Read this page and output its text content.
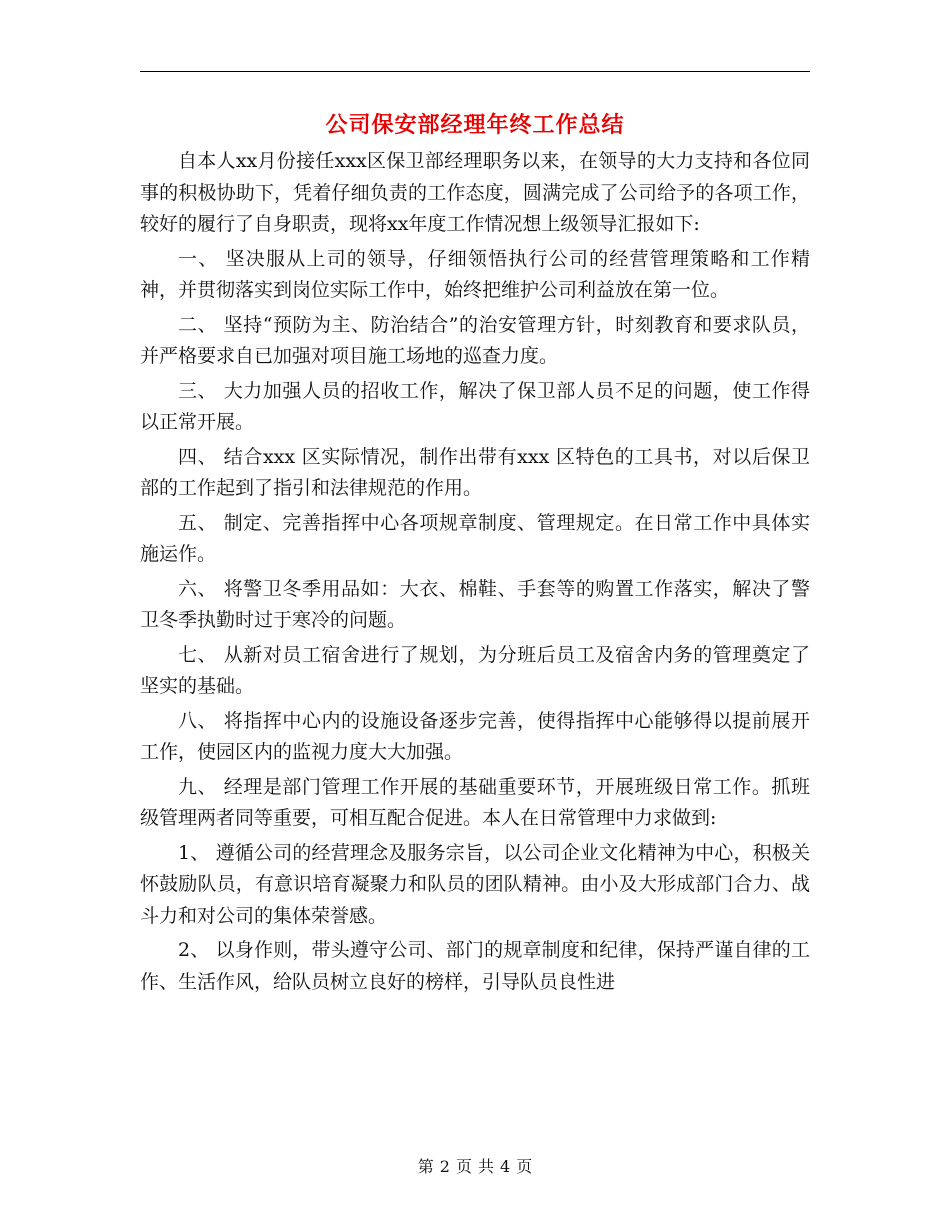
公司保安部经理年终工作总结

自本人xx月份接任xxx区保卫部经理职务以来，在领导的大力支持和各位同事的积极协助下，凭着仔细负责的工作态度，圆满完成了公司给予的各项工作，较好的履行了自身职责，现将xx年度工作情况想上级领导汇报如下:

一、 坚决服从上司的领导，仔细领悟执行公司的经营管理策略和工作精神，并贯彻落实到岗位实际工作中，始终把维护公司利益放在第一位。

二、 坚持“预防为主、防治结合”的治安管理方针，时刻教育和要求队员，并严格要求自已加强对项目施工场地的巡查力度。

三、 大力加强人员的招收工作，解决了保卫部人员不足的问题，使工作得以正常开展。

四、 结合xxx 区实际情况，制作出带有xxx 区特色的工具书，对以后保卫部的工作起到了指引和法律规范的作用。

五、 制定、完善指挥中心各项规章制度、管理规定。在日常工作中具体实施运作。

六、 将警卫冬季用品如：大衣、棉鞋、手套等的购置工作落实，解决了警卫冬季执勤时过于寒冷的问题。

七、 从新对员工宿舍进行了规划，为分班后员工及宿舍内务的管理奠定了坚实的基础。

八、 将指挥中心内的设施设备逐步完善，使得指挥中心能够得以提前展开工作，使园区内的监视力度大大加强。

九、 经理是部门管理工作开展的基础重要环节，开展班级日常工作。抓班级管理两者同等重要，可相互配合促进。本人在日常管理中力求做到:

1、 遵循公司的经营理念及服务宗旨，以公司企业文化精神为中心，积极关怀鼓励队员，有意识培育凝聚力和队员的团队精神。由小及大形成部门合力、战斗力和对公司的集体荣誉感。

2、 以身作则，带头遵守公司、部门的规章制度和纪律，保持严谨自律的工作、生活作风，给队员树立良好的榜样，引导队员良性进

第 2 页 共 4 页
